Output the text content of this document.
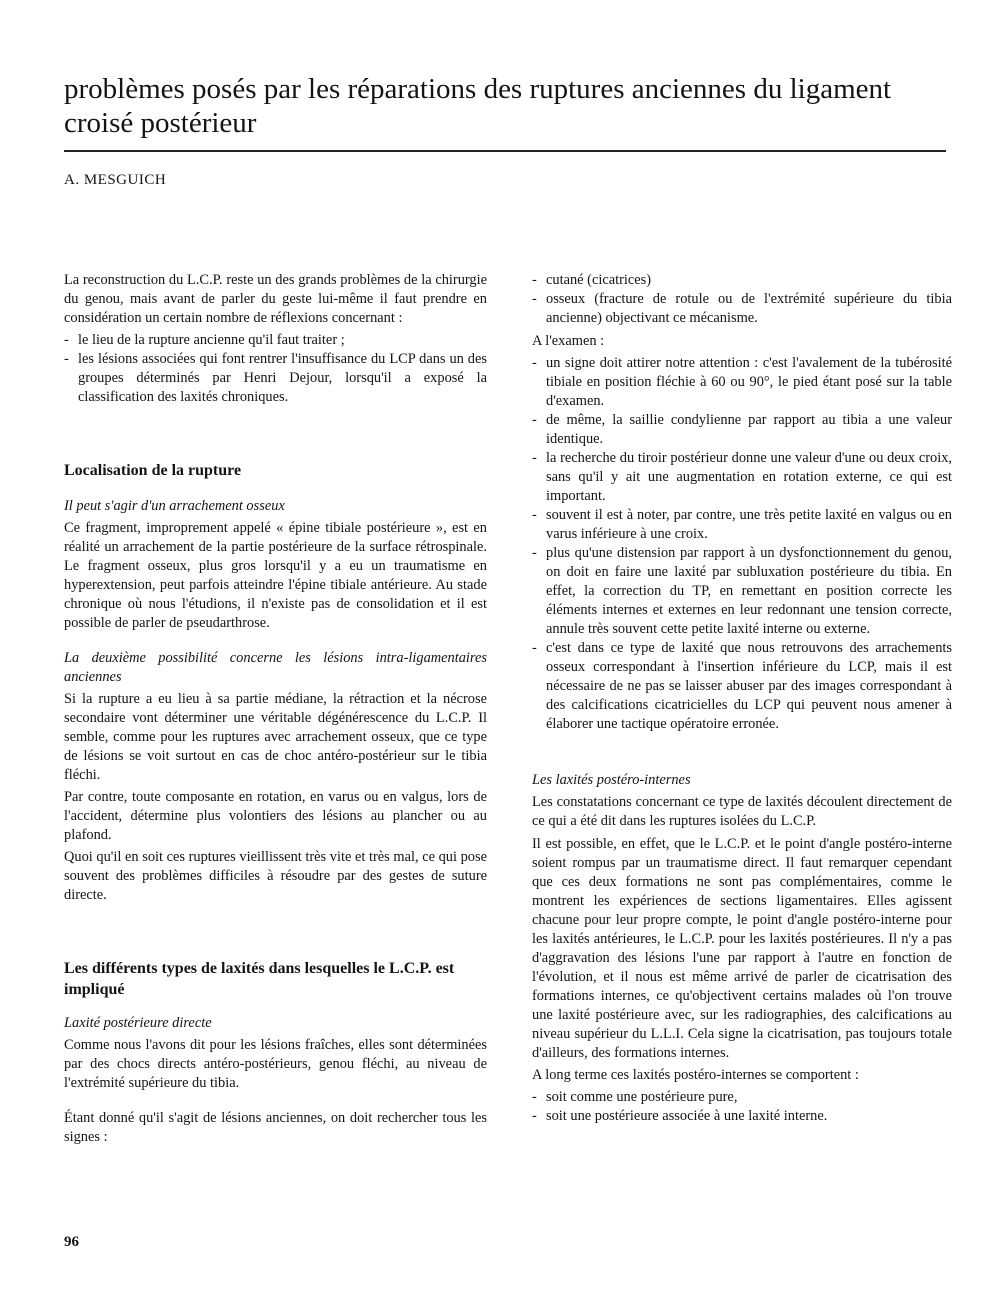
problèmes posés par les réparations des ruptures anciennes du ligament croisé postérieur
A. MESGUICH

La reconstruction du L.C.P. reste un des grands problèmes de la chirurgie du genou, mais avant de parler du geste lui-même il faut prendre en considération un certain nombre de réflexions concernant :

- le lieu de la rupture ancienne qu'il faut traiter ;
- les lésions associées qui font rentrer l'insuffisance du LCP dans un des groupes déterminés par Henri Dejour, lorsqu'il a exposé la classification des laxités chroniques.
Localisation de la rupture

Il peut s'agir d'un arrachement osseux

Ce fragment, improprement appelé « épine tibiale postérieure », est en réalité un arrachement de la partie postérieure de la surface rétrospinale. Le fragment osseux, plus gros lorsqu'il y a eu un traumatisme en hyperextension, peut parfois atteindre l'épine tibiale antérieure. Au stade chronique où nous l'étudions, il n'existe pas de consolidation et il est possible de parler de pseudarthrose.

La deuxième possibilité concerne les lésions intra-ligamentaires anciennes

Si la rupture a eu lieu à sa partie médiane, la rétraction et la nécrose secondaire vont déterminer une véritable dégénérescence du L.C.P. Il semble, comme pour les ruptures avec arrachement osseux, que ce type de lésions se voit surtout en cas de choc antéro-postérieur sur le tibia fléchi.

Par contre, toute composante en rotation, en varus ou en valgus, lors de l'accident, détermine plus volontiers des lésions au plancher ou au plafond.

Quoi qu'il en soit ces ruptures vieillissent très vite et très mal, ce qui pose souvent des problèmes difficiles à résoudre par des gestes de suture directe.

Les différents types de laxités dans lesquelles le L.C.P. est impliqué

Laxité postérieure directe

Comme nous l'avons dit pour les lésions fraîches, elles sont déterminées par des chocs directs antéro-postérieurs, genou fléchi, au niveau de l'extrémité supérieure du tibia.

Étant donné qu'il s'agit de lésions anciennes, on doit rechercher tous les signes :

- cutané (cicatrices)
- osseux (fracture de rotule ou de l'extrémité supérieure du tibia ancienne) objectivant ce mécanisme.

A l'examen :

- un signe doit attirer notre attention : c'est l'avalement de la tubérosité tibiale en position fléchie à 60 ou 90°, le pied étant posé sur la table d'examen.
- de même, la saillie condylienne par rapport au tibia a une valeur identique.
- la recherche du tiroir postérieur donne une valeur d'une ou deux croix, sans qu'il y ait une augmentation en rotation externe, ce qui est important.
- souvent il est à noter, par contre, une très petite laxité en valgus ou en varus inférieure à une croix.
- plus qu'une distension par rapport à un dysfonctionnement du genou, on doit en faire une laxité par subluxation postérieure du tibia. En effet, la correction du TP, en remettant en position correcte les éléments internes et externes en leur redonnant une tension correcte, annule très souvent cette petite laxité interne ou externe.
- c'est dans ce type de laxité que nous retrouvons des arrachements osseux correspondant à l'insertion inférieure du LCP, mais il est nécessaire de ne pas se laisser abuser par des images correspondant à des calcifications cicatricielles du LCP qui peuvent nous amener à élaborer une tactique opératoire erronée.

Les laxités postéro-internes

Les constatations concernant ce type de laxités découlent directement de ce qui a été dit dans les ruptures isolées du L.C.P.

Il est possible, en effet, que le L.C.P. et le point d'angle postéro-interne soient rompus par un traumatisme direct. Il faut remarquer cependant que ces deux formations ne sont pas complémentaires, comme le montrent les expériences de sections ligamentaires. Elles agissent chacune pour leur propre compte, le point d'angle postéro-interne pour les laxités antérieures, le L.C.P. pour les laxités postérieures. Il n'y a pas d'aggravation des lésions l'une par rapport à l'autre en fonction de l'évolution, et il nous est même arrivé de parler de cicatrisation des formations internes, ce qu'objectivent certains malades où l'on trouve une laxité postérieure avec, sur les radiographies, des calcifications au niveau supérieur du L.L.I. Cela signe la cicatrisation, pas toujours totale d'ailleurs, des formations internes.

A long terme ces laxités postéro-internes se comportent :

- soit comme une postérieure pure,
- soit une postérieure associée à une laxité interne.
96
